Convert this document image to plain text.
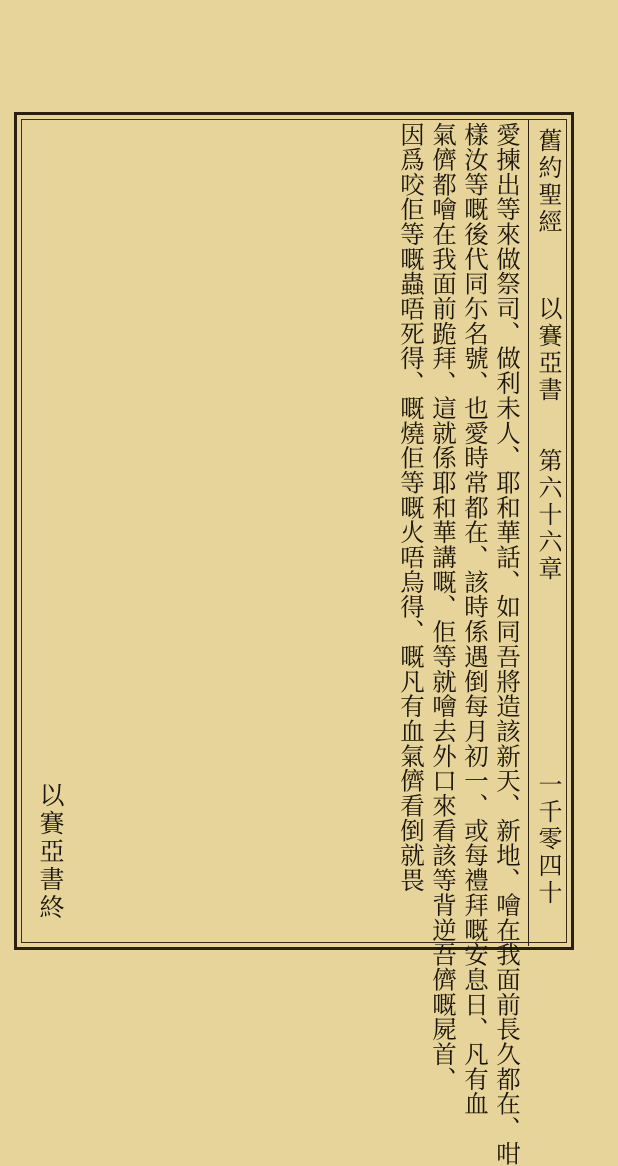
舊約聖經
以賽亞書
第六十六章
一千零四十
愛揀出等來做祭司、做利未人、耶和華話、如同吾將造該新天、新地、噲在我面前長久都在、咁
樣汝等嘅後代同尓名號、也愛時常都在、該時係遇倒每月初一、或每禮拜嘅安息日、凡有血
氣儕都噲在我面前跪拜、這就係耶和華講嘅、佢等就噲去外口來看該等背逆吾儕嘅屍首、
因爲咬佢等嘅蟲唔死得、嘅燒佢等嘅火唔烏得、嘅凡有血氣儕看倒就畏
以賽亞書終
